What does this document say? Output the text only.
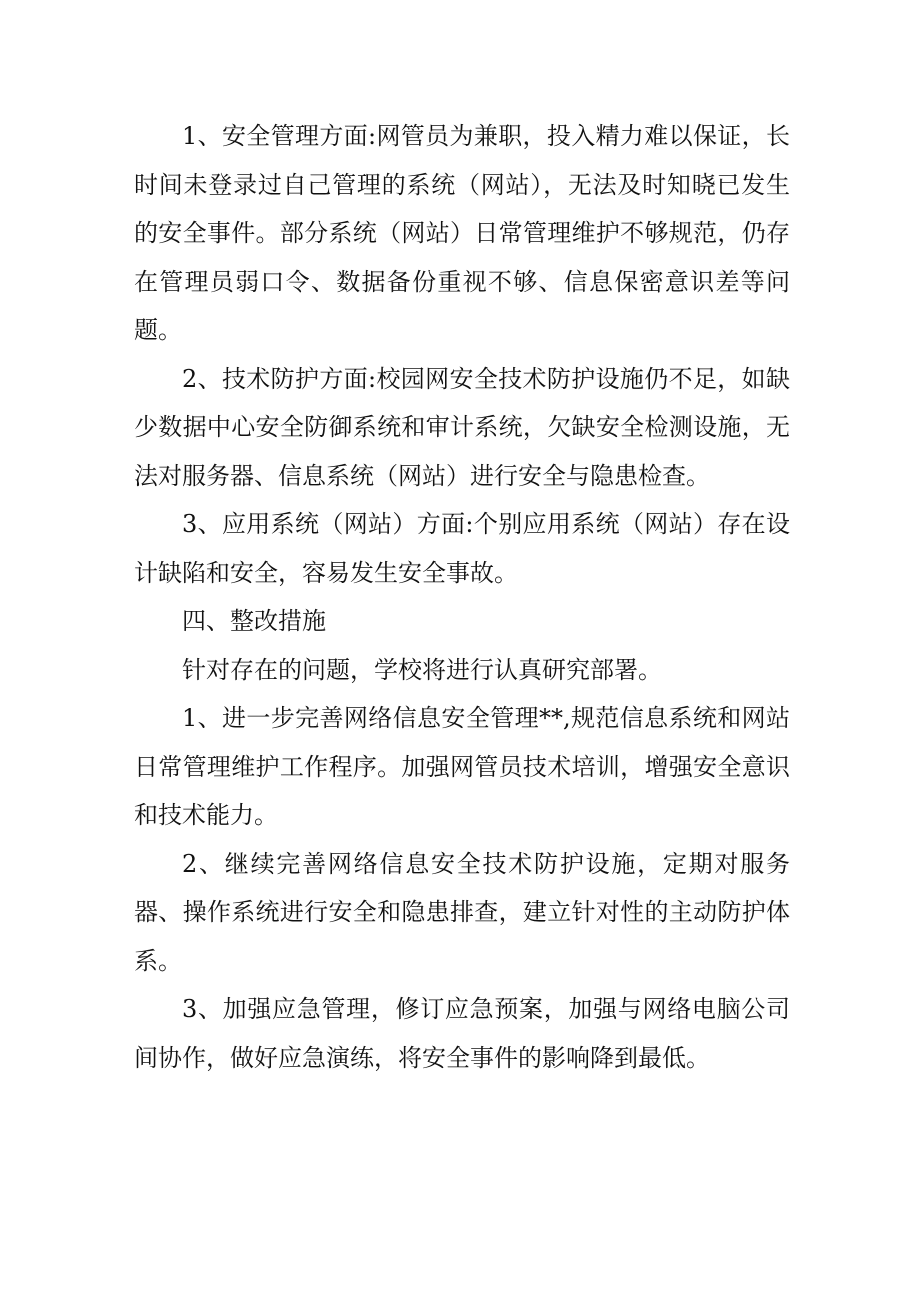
1、安全管理方面:网管员为兼职，投入精力难以保证，长时间未登录过自己管理的系统（网站），无法及时知晓已发生的安全事件。部分系统（网站）日常管理维护不够规范，仍存在管理员弱口令、数据备份重视不够、信息保密意识差等问题。

2、技术防护方面:校园网安全技术防护设施仍不足，如缺少数据中心安全防御系统和审计系统，欠缺安全检测设施，无法对服务器、信息系统（网站）进行安全与隐患检查。

3、应用系统（网站）方面:个别应用系统（网站）存在设计缺陷和安全，容易发生安全事故。

四、整改措施

针对存在的问题，学校将进行认真研究部署。

1、进一步完善网络信息安全管理**,规范信息系统和网站日常管理维护工作程序。加强网管员技术培训，增强安全意识和技术能力。

2、继续完善网络信息安全技术防护设施，定期对服务器、操作系统进行安全和隐患排查，建立针对性的主动防护体系。

3、加强应急管理，修订应急预案，加强与网络电脑公司间协作，做好应急演练，将安全事件的影响降到最低。
